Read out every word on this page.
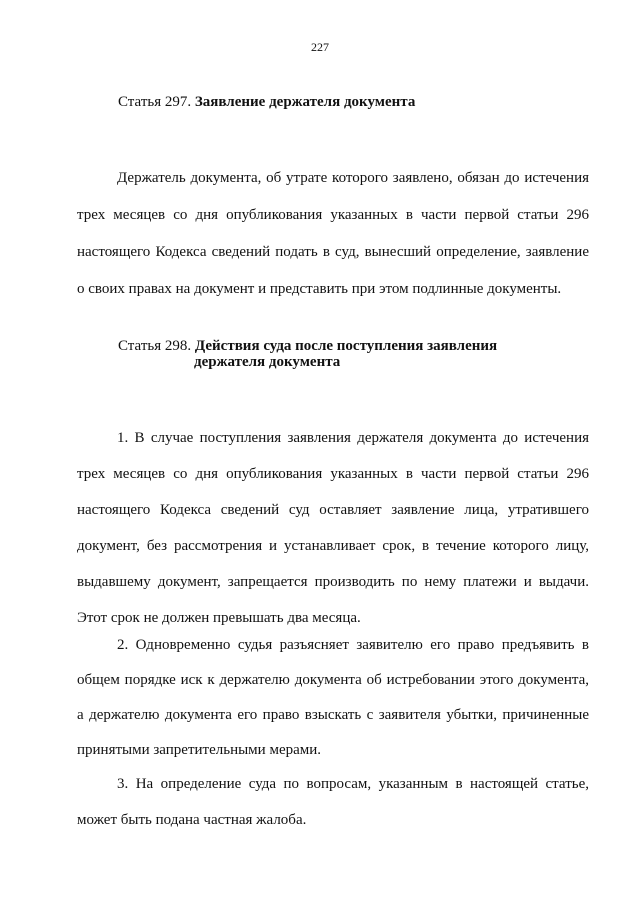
227
Статья 297. Заявление держателя документа

Держатель документа, об утрате которого заявлено, обязан до истечения трех месяцев со дня опубликования указанных в части первой статьи 296 настоящего Кодекса сведений подать в суд, вынесший определение, заявление о своих правах на документ и представить при этом подлинные документы.

Статья 298. Действия суда после поступления заявления
держателя документа

1. В случае поступления заявления держателя документа до истечения трех месяцев со дня опубликования указанных в части первой статьи 296 настоящего Кодекса сведений суд оставляет заявление лица, утратившего документ, без рассмотрения и устанавливает срок, в течение которого лицу, выдавшему документ, запрещается производить по нему платежи и выдачи. Этот срок не должен превышать два месяца.

2. Одновременно судья разъясняет заявителю его право предъявить в общем порядке иск к держателю документа об истребовании этого документа, а держателю документа его право взыскать с заявителя убытки, причиненные принятыми запретительными мерами.

3. На определение суда по вопросам, указанным в настоящей статье, может быть подана частная жалоба.
